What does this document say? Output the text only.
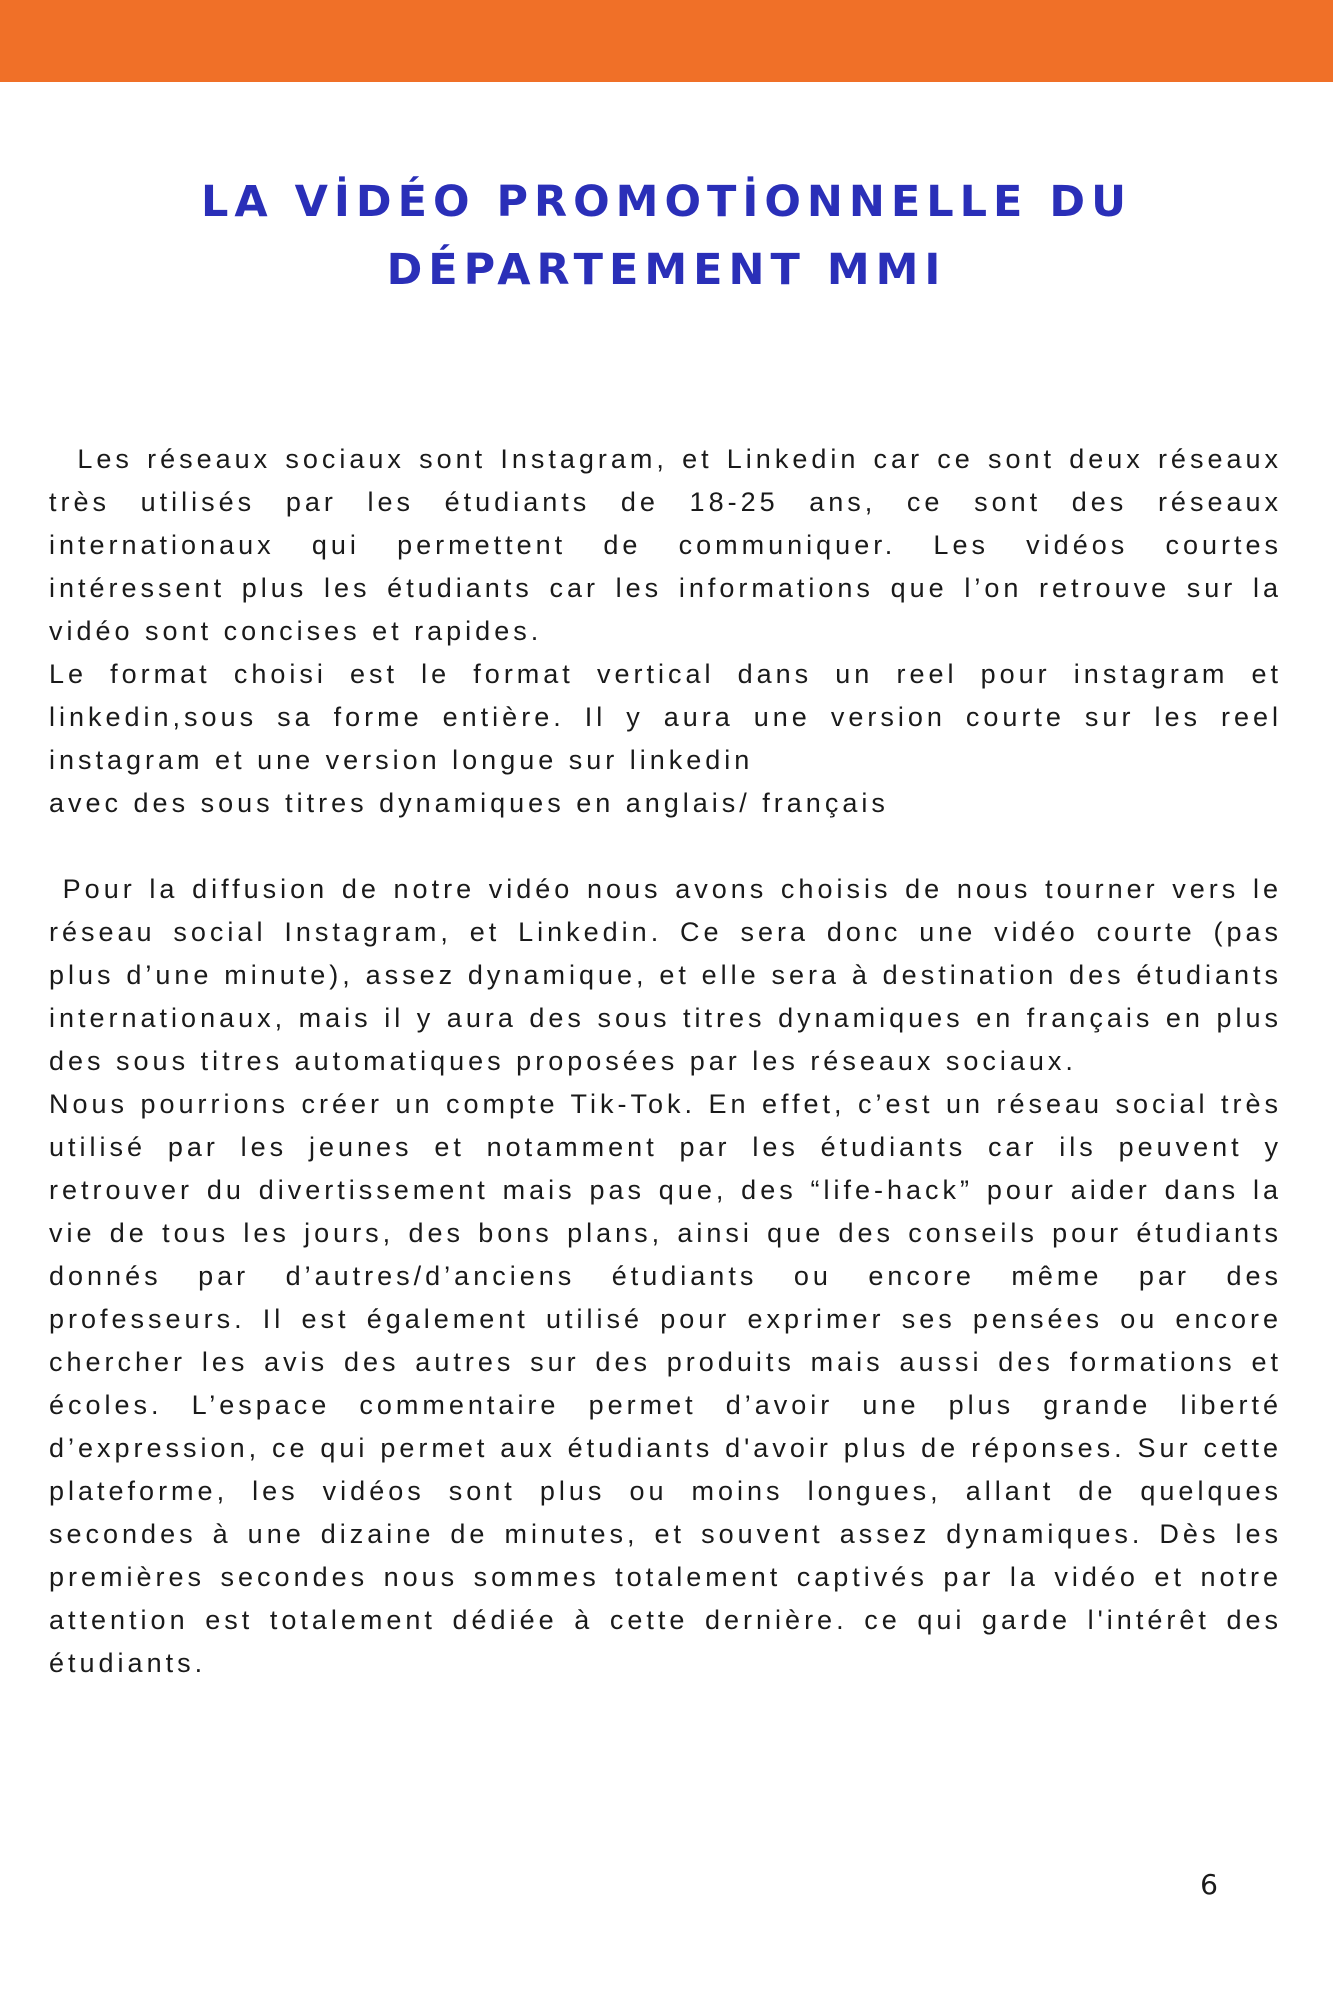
LA VİDÉO PROMOTİONNELLE DU
DÉPARTEMENT MMI

Les réseaux sociaux sont Instagram, et Linkedin car ce sont deux réseaux très utilisés par les étudiants de 18-25 ans, ce sont des réseaux internationaux qui permettent de communiquer. Les vidéos courtes intéressent plus les étudiants car les informations que l’on retrouve sur la vidéo sont concises et rapides.

Le format choisi est le format vertical dans un reel pour instagram et linkedin,sous sa forme entière. Il y aura une version courte sur les reel instagram et une version longue sur linkedin

avec des sous titres dynamiques en anglais/ français

Pour la diffusion de notre vidéo nous avons choisis de nous tourner vers le réseau social Instagram, et Linkedin. Ce sera donc une vidéo courte (pas plus d’une minute), assez dynamique, et elle sera à destination des étudiants internationaux, mais il y aura des sous titres dynamiques en français en plus des sous titres automatiques proposées par les réseaux sociaux.

Nous pourrions créer un compte Tik-Tok. En effet, c’est un réseau social très utilisé par les jeunes et notamment par les étudiants car ils peuvent y retrouver du divertissement mais pas que, des “life-hack” pour aider dans la vie de tous les jours, des bons plans, ainsi que des conseils pour étudiants donnés par d’autres/d’anciens étudiants ou encore même par des professeurs. Il est également utilisé pour exprimer ses pensées ou encore chercher les avis des autres sur des produits mais aussi des formations et écoles. L’espace commentaire permet d’avoir une plus grande liberté d’expression, ce qui permet aux étudiants d'avoir plus de réponses. Sur cette plateforme, les vidéos sont plus ou moins longues, allant de quelques secondes à une dizaine de minutes, et souvent assez dynamiques. Dès les premières secondes nous sommes totalement captivés par la vidéo et notre attention est totalement dédiée à cette dernière. ce qui garde l'intérêt des étudiants.

6
